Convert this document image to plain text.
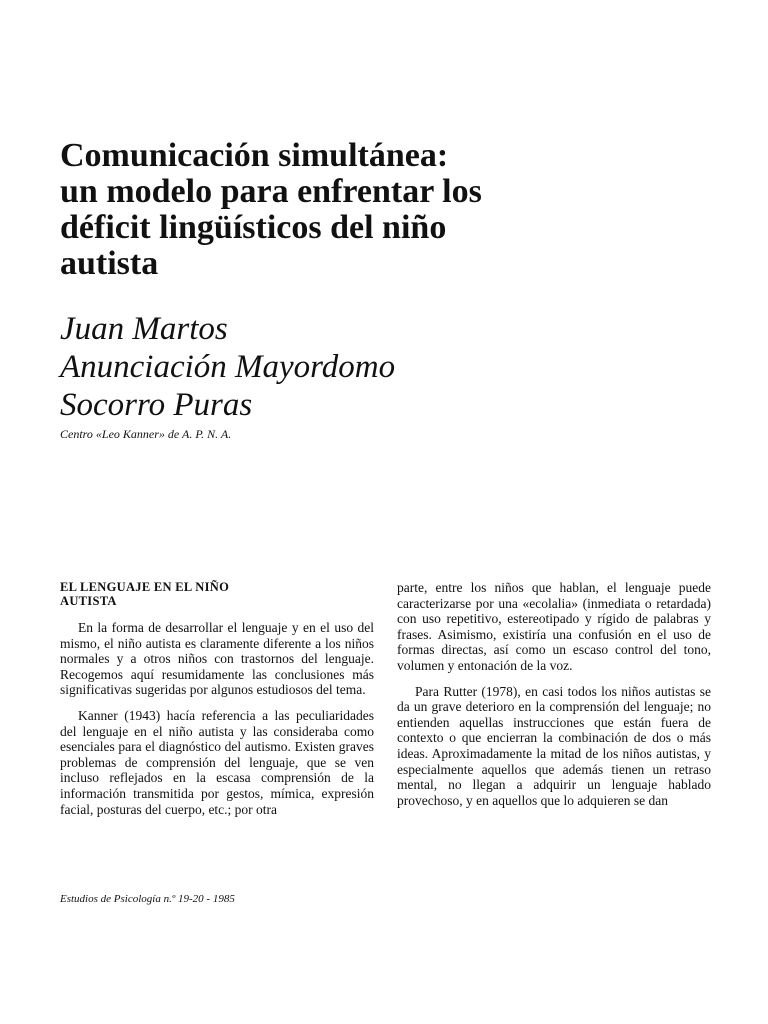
Comunicación simultánea:
un modelo para enfrentar los
déficit lingüísticos del niño
autista
Juan Martos
Anunciación Mayordomo
Socorro Puras
Centro «Leo Kanner» de A. P. N. A.
EL LENGUAJE EN EL NIÑO
AUTISTA

En la forma de desarrollar el lenguaje y en el uso del mismo, el niño autista es claramente diferente a los niños normales y a otros niños con trastornos del lenguaje. Recogemos aquí resumidamente las conclusiones más significativas sugeridas por algunos estudiosos del tema.

Kanner (1943) hacía referencia a las peculiaridades del lenguaje en el niño autista y las consideraba como esenciales para el diagnóstico del autismo. Existen graves problemas de comprensión del lenguaje, que se ven incluso reflejados en la escasa comprensión de la información transmitida por gestos, mímica, expresión facial, posturas del cuerpo, etc.; por otra

parte, entre los niños que hablan, el lenguaje puede caracterizarse por una «ecolalia» (inmediata o retardada) con uso repetitivo, estereotipado y rígido de palabras y frases. Asimismo, existiría una confusión en el uso de formas directas, así como un escaso control del tono, volumen y entonación de la voz.

Para Rutter (1978), en casi todos los niños autistas se da un grave deterioro en la comprensión del lenguaje; no entienden aquellas instrucciones que están fuera de contexto o que encierran la combinación de dos o más ideas. Aproximadamente la mitad de los niños autistas, y especialmente aquellos que además tienen un retraso mental, no llegan a adquirir un lenguaje hablado provechoso, y en aquellos que lo adquieren se dan

Estudios de Psicología n.º 19-20 - 1985
